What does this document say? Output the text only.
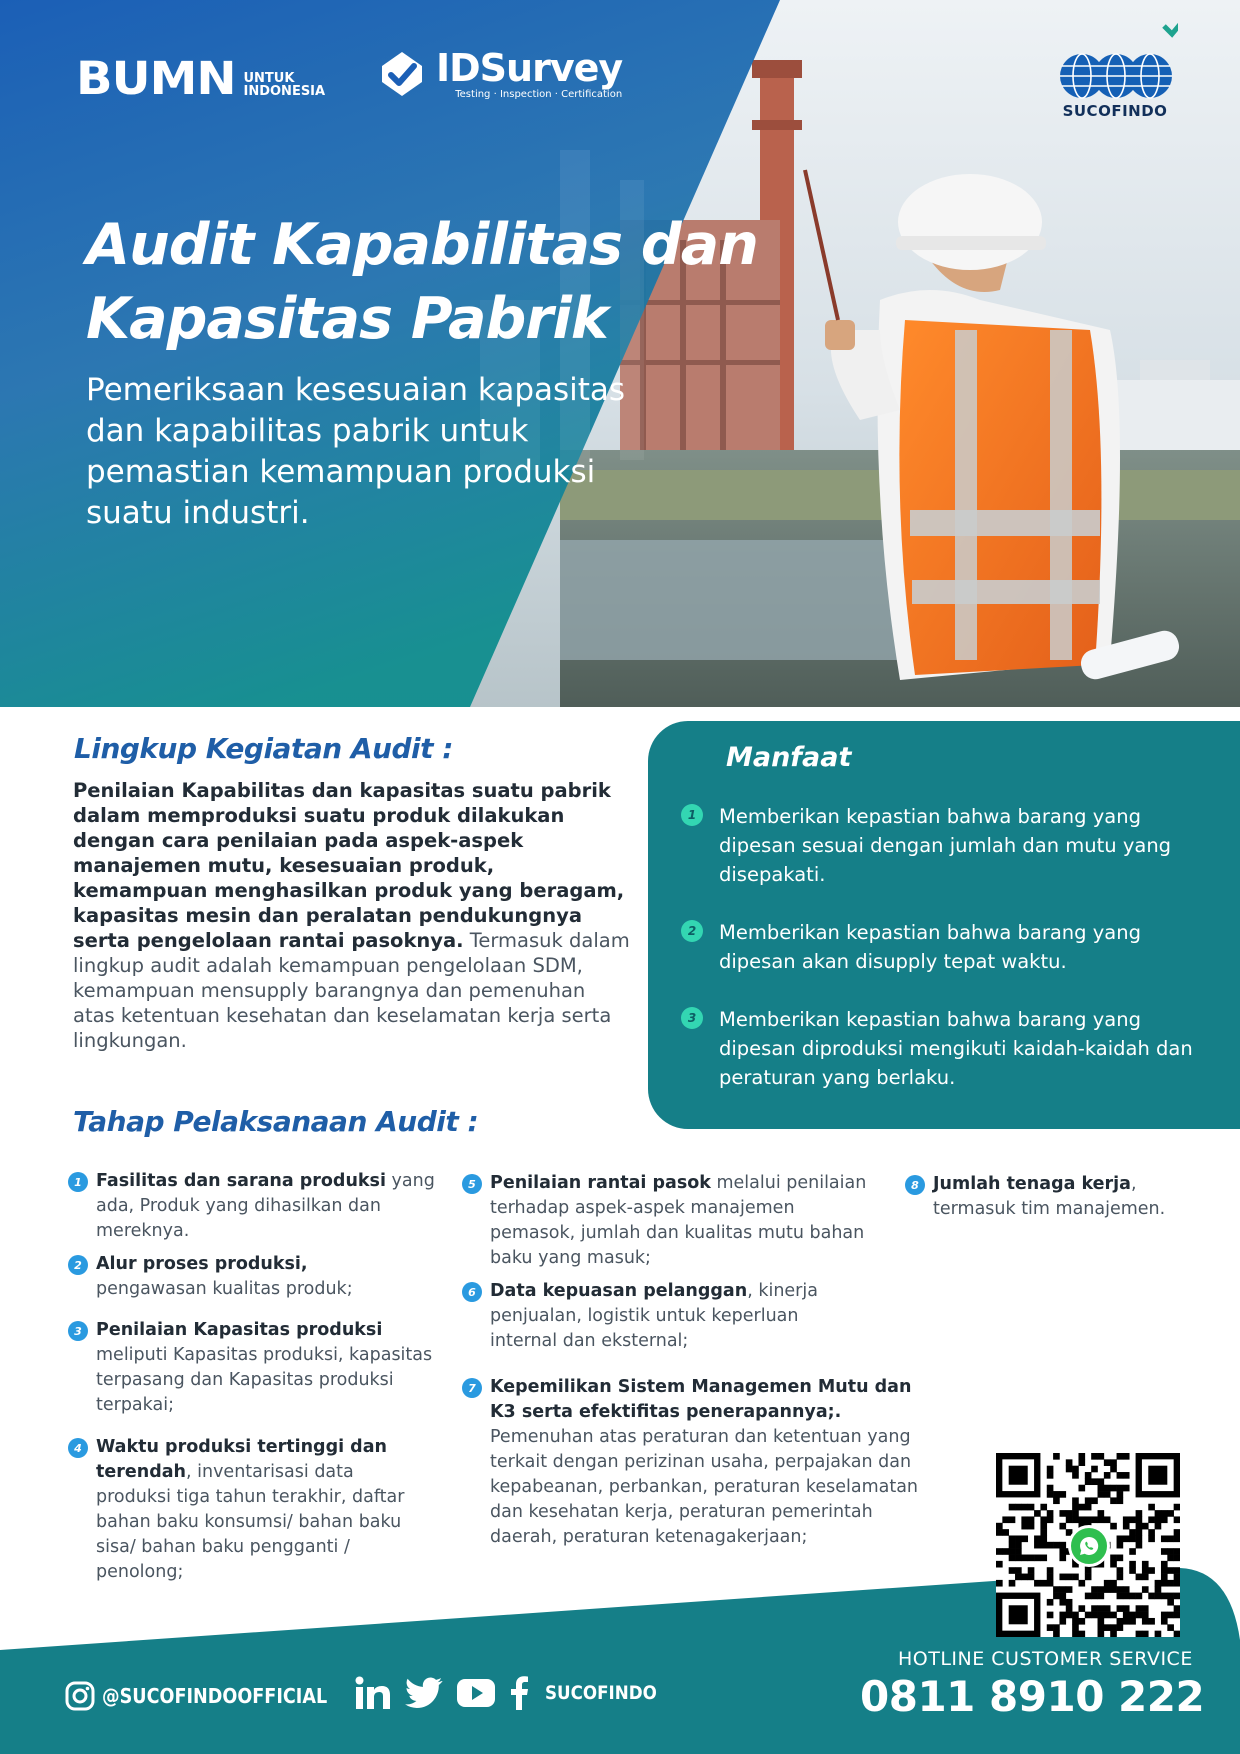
BUMN UNTUK
INDONESIA
IDSurvey
Testing · Inspection · Certification
SUCOFINDO
Audit Kapabilitas dan
Kapasitas Pabrik
Pemeriksaan kesesuaian kapasitas dan kapabilitas pabrik untuk pemastian kemampuan produksi suatu industri.
Lingkup Kegiatan Audit :
Penilaian Kapabilitas dan kapasitas suatu pabrik dalam memproduksi suatu produk dilakukan dengan cara penilaian pada aspek-aspek manajemen mutu, kesesuaian produk, kemampuan menghasilkan produk yang beragam, kapasitas mesin dan peralatan pendukungnya serta pengelolaan rantai pasoknya. Termasuk dalam lingkup audit adalah kemampuan pengelolaan SDM, kemampuan mensupply barangnya dan pemenuhan atas ketentuan kesehatan dan keselamatan kerja serta lingkungan.
Manfaat
1	Memberikan kepastian bahwa barang yang dipesan sesuai dengan jumlah dan mutu yang disepakati.
2	Memberikan kepastian bahwa barang yang dipesan akan disupply tepat waktu.
3	Memberikan kepastian bahwa barang yang dipesan diproduksi mengikuti kaidah-kaidah dan peraturan yang berlaku.
Tahap Pelaksanaan Audit :
1 Fasilitas dan sarana produksi yang ada, Produk yang dihasilkan dan mereknya.
2 Alur proses produksi, pengawasan kualitas produk;
3 Penilaian Kapasitas produksi meliputi Kapasitas produksi, kapasitas terpasang dan Kapasitas produksi terpakai;
4 Waktu produksi tertinggi dan terendah, inventarisasi data produksi tiga tahun terakhir, daftar bahan baku konsumsi/ bahan baku sisa/ bahan baku pengganti / penolong;
5 Penilaian rantai pasok melalui penilaian terhadap aspek-aspek manajemen pemasok, jumlah dan kualitas mutu bahan baku yang masuk;
6 Data kepuasan pelanggan, kinerja penjualan, logistik untuk keperluan internal dan eksternal;
7 Kepemilikan Sistem Managemen Mutu dan K3 serta efektifitas penerapannya;. Pemenuhan atas peraturan dan ketentuan yang terkait dengan perizinan usaha, perpajakan dan kepabeanan, perbankan, peraturan keselamatan dan kesehatan kerja, peraturan pemerintah daerah, peraturan ketenagakerjaan;
8 Jumlah tenaga kerja, termasuk tim manajemen.
HOTLINE CUSTOMER SERVICE
0811 8910 222
@SUCOFINDOOFFICIAL	SUCOFINDO
